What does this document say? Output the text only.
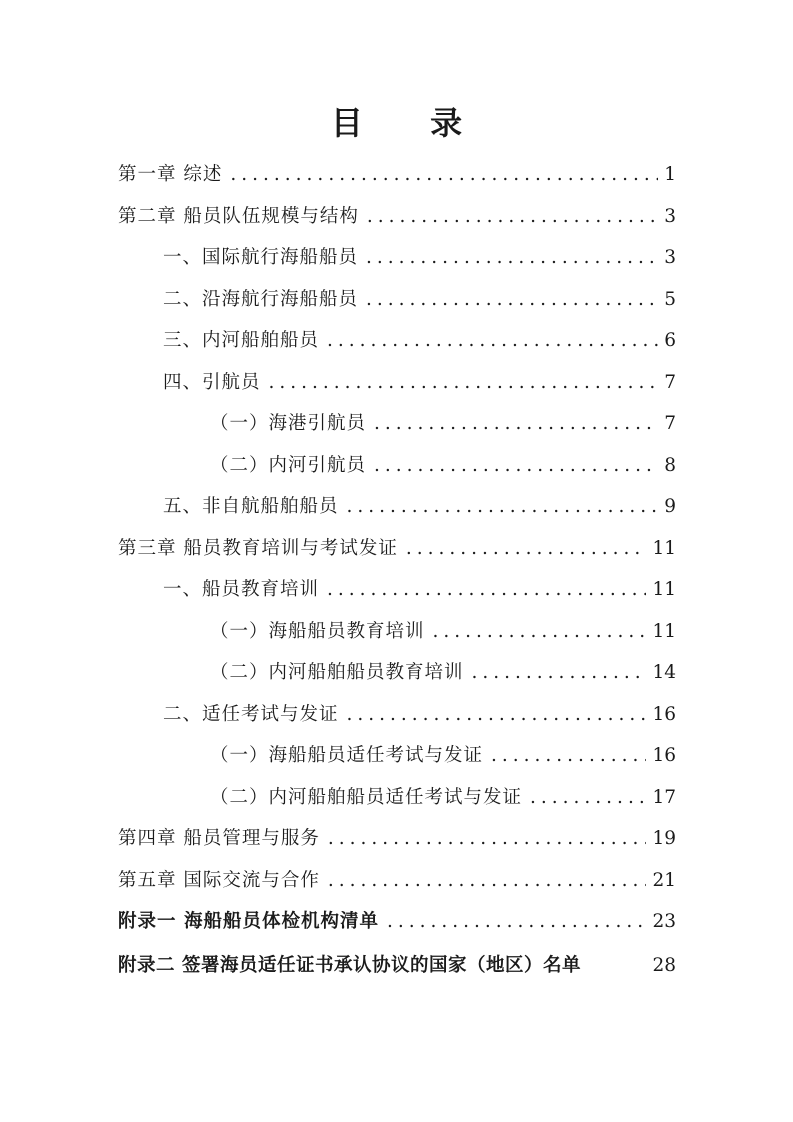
目 录
第一章 综述 .....	1
第二章 船员队伍规模与结构 .....	3
一、国际航行海船船员 .....	3
二、沿海航行海船船员 .....	5
三、内河船舶船员 .....	6
四、引航员 .....	7
（一）海港引航员 .....	7
（二）内河引航员 .....	8
五、非自航船舶船员 .....	9
第三章 船员教育培训与考试发证 .....	11
一、船员教育培训 .....	11
（一）海船船员教育培训 .....	11
（二）内河船舶船员教育培训 .....	14
二、适任考试与发证 .....	16
（一）海船船员适任考试与发证 .....	16
（二）内河船舶船员适任考试与发证 .....	17
第四章 船员管理与服务 .....	19
第五章 国际交流与合作 .....	21
附录一 海船船员体检机构清单 .....	23
附录二 签署海员适任证书承认协议的国家（地区）名单	28
